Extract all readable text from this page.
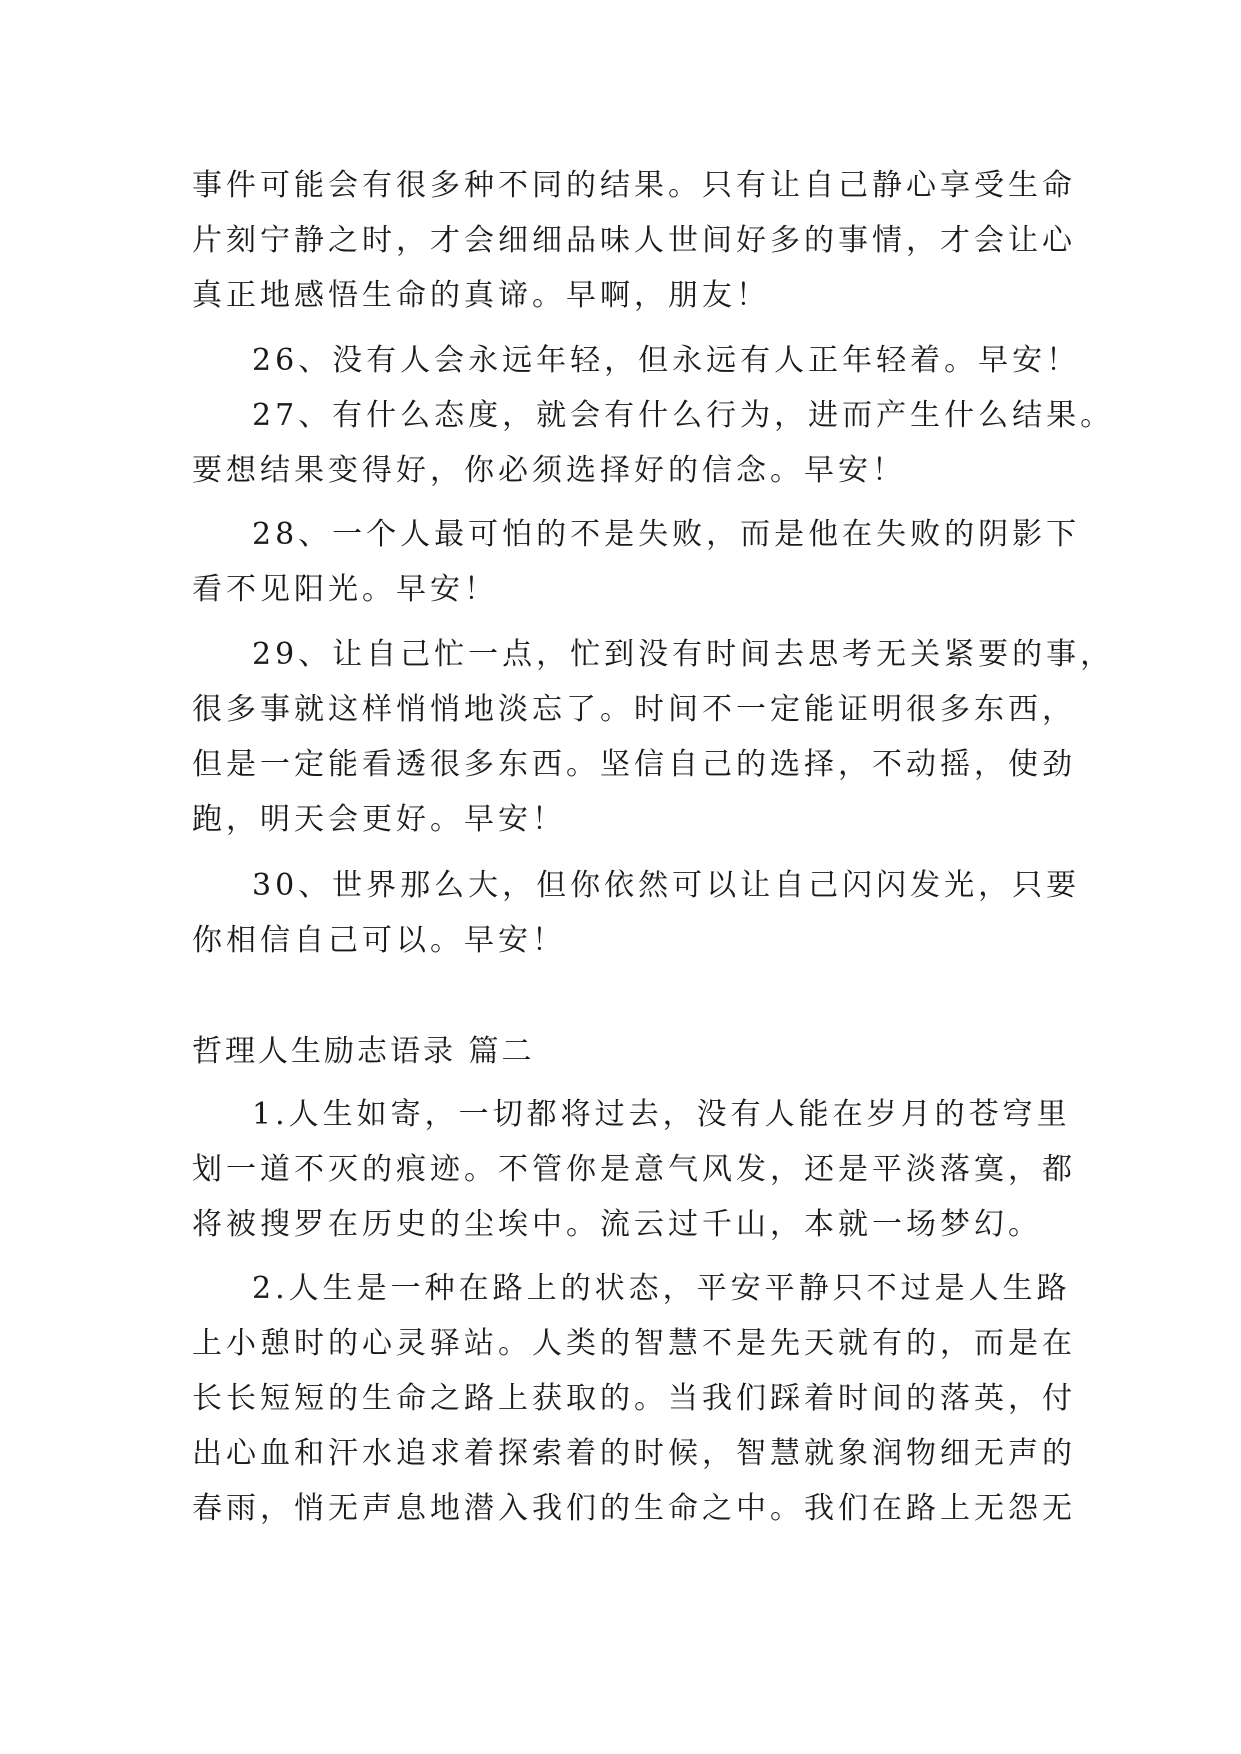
事件可能会有很多种不同的结果。只有让自己静心享受生命
片刻宁静之时，才会细细品味人世间好多的事情，才会让心
真正地感悟生命的真谛。早啊，朋友！
26、没有人会永远年轻，但永远有人正年轻着。早安！
27、有什么态度，就会有什么行为，进而产生什么结果。
要想结果变得好，你必须选择好的信念。早安！
28、一个人最可怕的不是失败，而是他在失败的阴影下
看不见阳光。早安！
29、让自己忙一点，忙到没有时间去思考无关紧要的事，
很多事就这样悄悄地淡忘了。时间不一定能证明很多东西，
但是一定能看透很多东西。坚信自己的选择，不动摇，使劲
跑，明天会更好。早安！
30、世界那么大，但你依然可以让自己闪闪发光，只要
你相信自己可以。早安！
哲理人生励志语录 篇二
1.人生如寄，一切都将过去，没有人能在岁月的苍穹里
划一道不灭的痕迹。不管你是意气风发，还是平淡落寞，都
将被搜罗在历史的尘埃中。流云过千山，本就一场梦幻。
2.人生是一种在路上的状态，平安平静只不过是人生路
上小憩时的心灵驿站。人类的智慧不是先天就有的，而是在
长长短短的生命之路上获取的。当我们踩着时间的落英，付
出心血和汗水追求着探索着的时候，智慧就象润物细无声的
春雨，悄无声息地潜入我们的生命之中。我们在路上无怨无
